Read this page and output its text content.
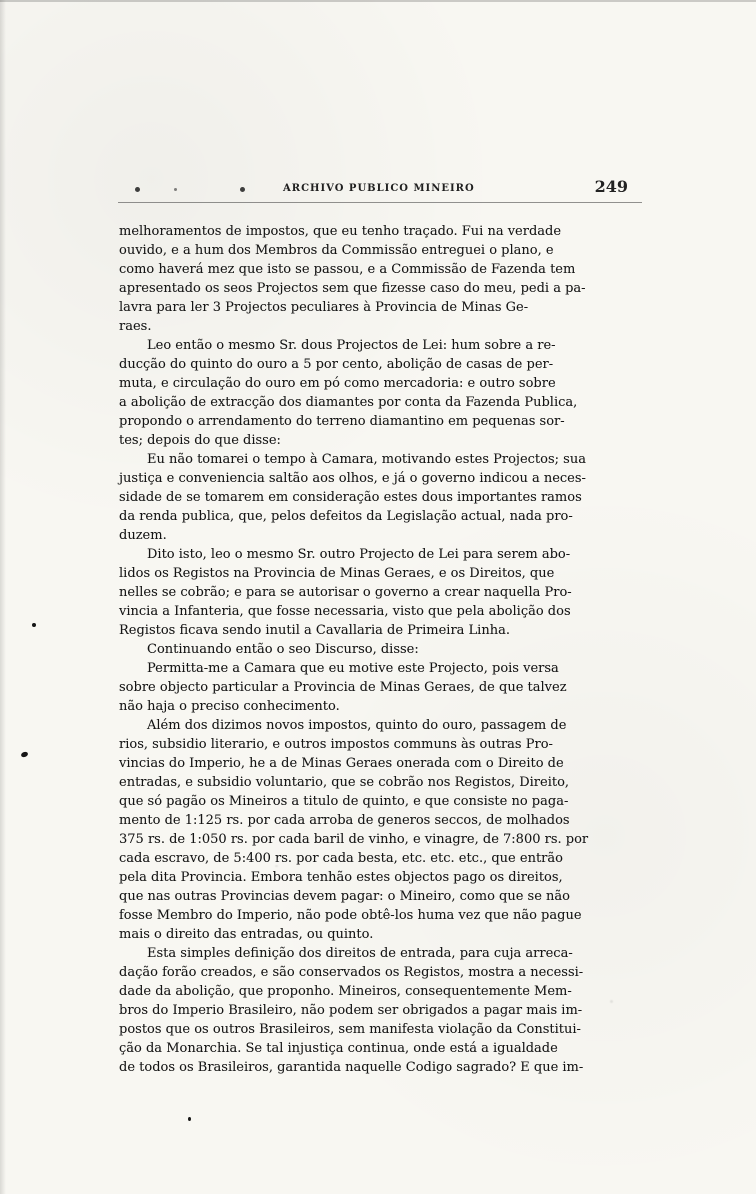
ARCHIVO PUBLICO MINEIRO	249
melhoramentos de impostos, que eu tenho traçado. Fui na verdade
ouvido, e a hum dos Membros da Commissão entreguei o plano, e
como haverá mez que isto se passou, e a Commissão de Fazenda tem
apresentado os seos Projectos sem que fizesse caso do meu, pedi a pa-
lavra para ler 3 Projectos peculiares à Provincia de Minas Ge-
raes.
Leo então o mesmo Sr. dous Projectos de Lei: hum sobre a re-
ducção do quinto do ouro a 5 por cento, abolição de casas de per-
muta, e circulação do ouro em pó como mercadoria: e outro sobre
a abolição de extracção dos diamantes por conta da Fazenda Publica,
propondo o arrendamento do terreno diamantino em pequenas sor-
tes; depois do que disse:
Eu não tomarei o tempo à Camara, motivando estes Projectos; sua
justiça e conveniencia saltão aos olhos, e já o governo indicou a neces-
sidade de se tomarem em consideração estes dous importantes ramos
da renda publica, que, pelos defeitos da Legislação actual, nada pro-
duzem.
Dito isto, leo o mesmo Sr. outro Projecto de Lei para serem abo-
lidos os Registos na Provincia de Minas Geraes, e os Direitos, que
nelles se cobrão; e para se autorisar o governo a crear naquella Pro-
vincia a Infanteria, que fosse necessaria, visto que pela abolição dos
Registos ficava sendo inutil a Cavallaria de Primeira Linha.
Continuando então o seo Discurso, disse:
Permitta-me a Camara que eu motive este Projecto, pois versa
sobre objecto particular a Provincia de Minas Geraes, de que talvez
não haja o preciso conhecimento.
Além dos dizimos novos impostos, quinto do ouro, passagem de
rios, subsidio literario, e outros impostos communs às outras Pro-
vincias do Imperio, he a de Minas Geraes onerada com o Direito de
entradas, e subsidio voluntario, que se cobrão nos Registos, Direito,
que só pagão os Mineiros a titulo de quinto, e que consiste no paga-
mento de 1:125 rs. por cada arroba de generos seccos, de molhados
375 rs. de 1:050 rs. por cada baril de vinho, e vinagre, de 7:800 rs. por
cada escravo, de 5:400 rs. por cada besta, etc. etc. etc., que entrão
pela dita Provincia. Embora tenhão estes objectos pago os direitos,
que nas outras Provincias devem pagar: o Mineiro, como que se não
fosse Membro do Imperio, não pode obtê-los huma vez que não pague
mais o direito das entradas, ou quinto.
Esta simples definição dos direitos de entrada, para cuja arreca-
dação forão creados, e são conservados os Registos, mostra a necessi-
dade da abolição, que proponho. Mineiros, consequentemente Mem-
bros do Imperio Brasileiro, não podem ser obrigados a pagar mais im-
postos que os outros Brasileiros, sem manifesta violação da Constitui-
ção da Monarchia. Se tal injustiça continua, onde está a igualdade
de todos os Brasileiros, garantida naquelle Codigo sagrado? E que im-
